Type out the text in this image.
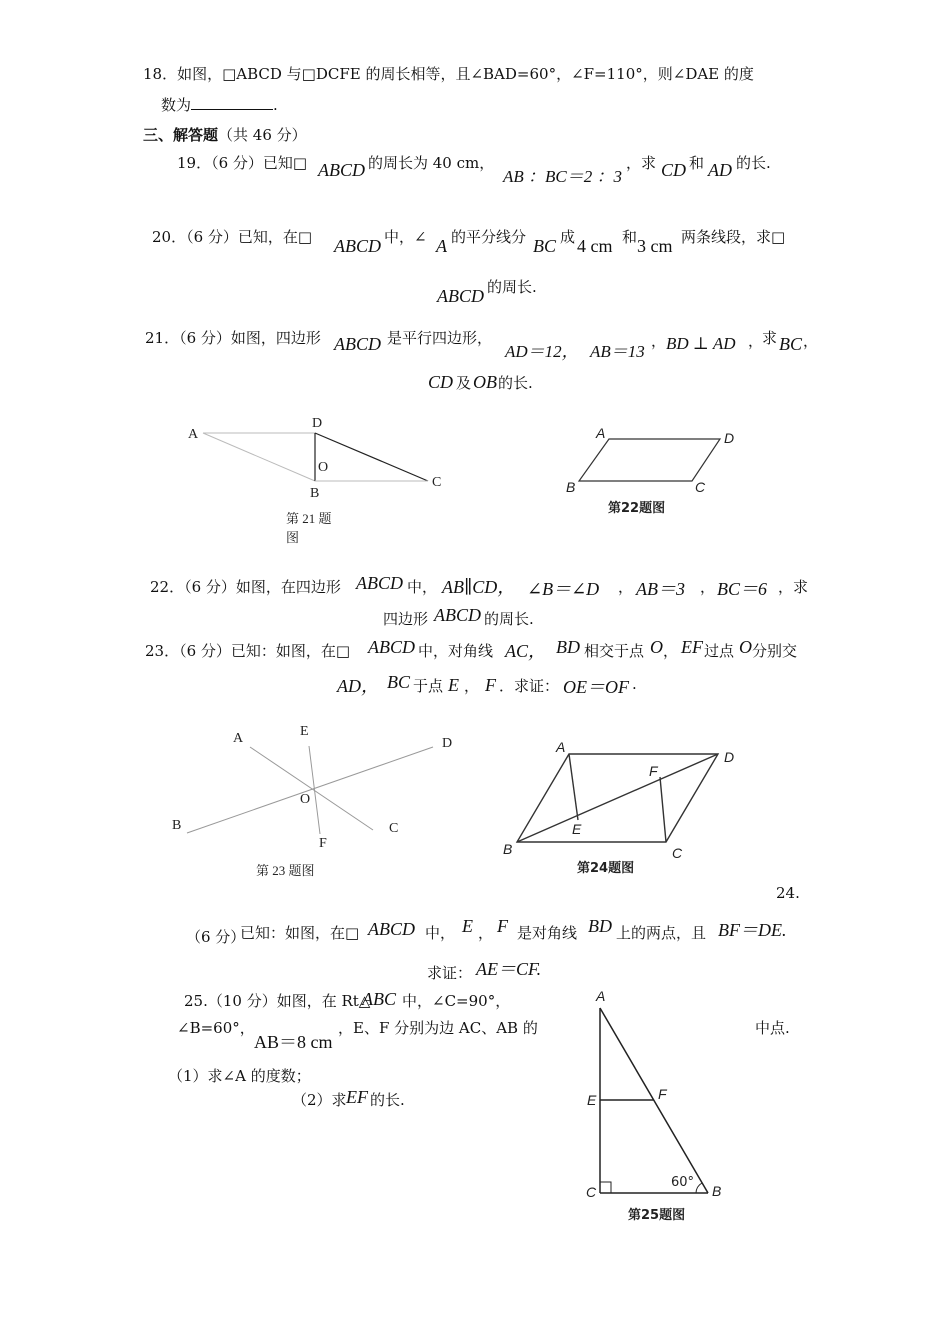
18．如图，□ABCD 与□DCFE 的周长相等，且∠BAD=60°，∠F=110°，则∠DAE 的度
数为	.
三、解答题（共 46 分）
19．（6 分）已知□ ABCD 的周长为 40 cm，
AB ：BC＝2 ：3
，求 CD 和 AD 的长.
20．（6 分）已知，在□ ABCD 中，∠ A 的平分线分 BC 成 4 cm 和 3 cm 两条线段，求□
ABCD 的周长.
21．（6 分）如图，四边形 ABCD 是平行四边形，
AD＝12， AB＝13
， BD ⊥ AD ，
求 BC ，
CD 及 OB 的长.
A
D
O
B
C
第 21 题
图
A	D
B	C
第22题图
22．（6 分）如图，在四边形 ABCD 中， AB∥CD， ∠B＝∠D ， AB＝3 ， BC＝6 ，求
四边形 ABCD 的周长.
23．（6 分）已知：如图，在□ ABCD 中，对角线 AC， BD 相交于点 O ， EF 过点 O 分别交
AD， BC 于点 E ， F ．求证： OE＝OF .
A	E
D
O
B
F
C
第 23 题图
A
D
F
E
B	C
第24题图
24.
（6 分）
已知：如图，在□ ABCD 中， E ， F 是对角线 BD 上的两点，且 BF＝DE.
求证： AE＝CF.
25.（10 分）如图，在 Rt△
ABC 中，∠C=90°，
∠B=60°，
AB＝8 cm
，E、F 分别为边 AC、AB 的	中点.
（1）求∠A 的度数；
（2）求 EF 的长.
A
E	F
C	B
60°
第25题图
